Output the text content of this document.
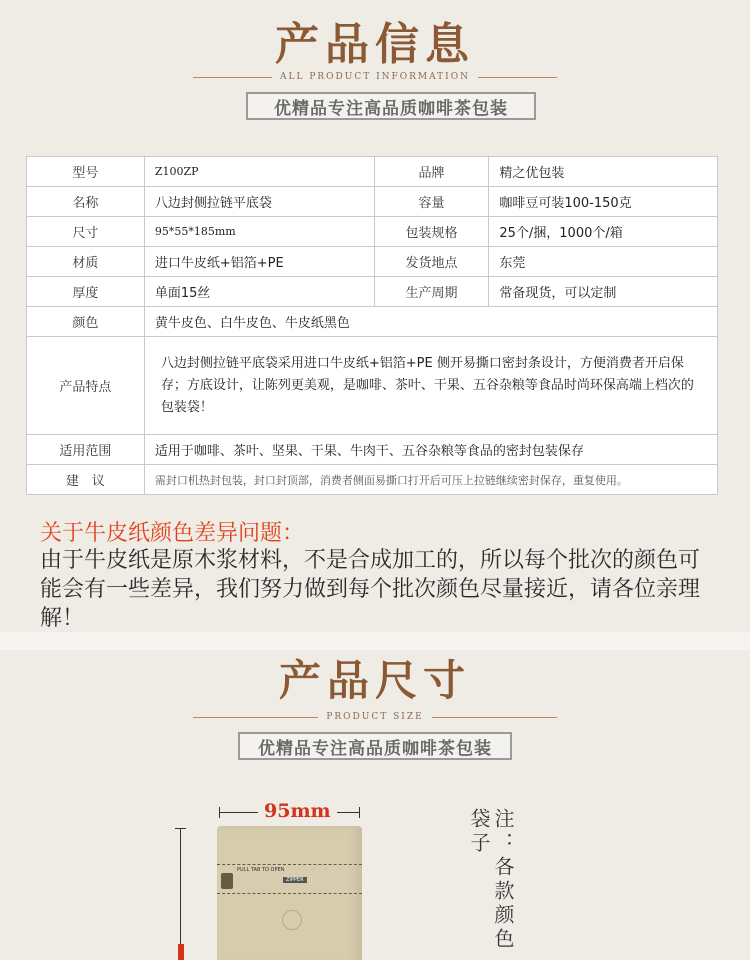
产品信息
ALL PRODUCT INFORMATION
优精品专注高品质咖啡茶包装
型号	Z100ZP	品牌	精之优包装
名称	八边封侧拉链平底袋	容量	咖啡豆可装100-150克
尺寸	95*55*185mm	包装规格	25个/捆，1000个/箱
材质	进口牛皮纸+铝箔+PE	发货地点	东莞
厚度	单面15丝	生产周期	常备现货，可以定制
颜色	黄牛皮色、白牛皮色、牛皮纸黑色		
产品特点	八边封侧拉链平底袋采用进口牛皮纸+铝箔+PE 侧开易撕口密封条设计，方便消费者开启保存；方底设计，让陈列更美观，是咖啡、茶叶、干果、五谷杂粮等食品时尚环保高端上档次的包装袋！		
适用范围	适用于咖啡、茶叶、坚果、干果、牛肉干、五谷杂粮等食品的密封包装保存		
建　议	需封口机热封包装，封口封顶部，消费者侧面易撕口打开后可压上拉链继续密封保存，重复使用。		
关于牛皮纸颜色差异问题：
由于牛皮纸是原木浆材料，不是合成加工的，所以每个批次的颜色可能会有一些差异，我们努力做到每个批次颜色尽量接近，请各位亲理解！
产品尺寸
PRODUCT SIZE
优精品专注高品质咖啡茶包装
95mm
PULL TAB TO OPEN
ZIPPER	注：各款颜色袋子
